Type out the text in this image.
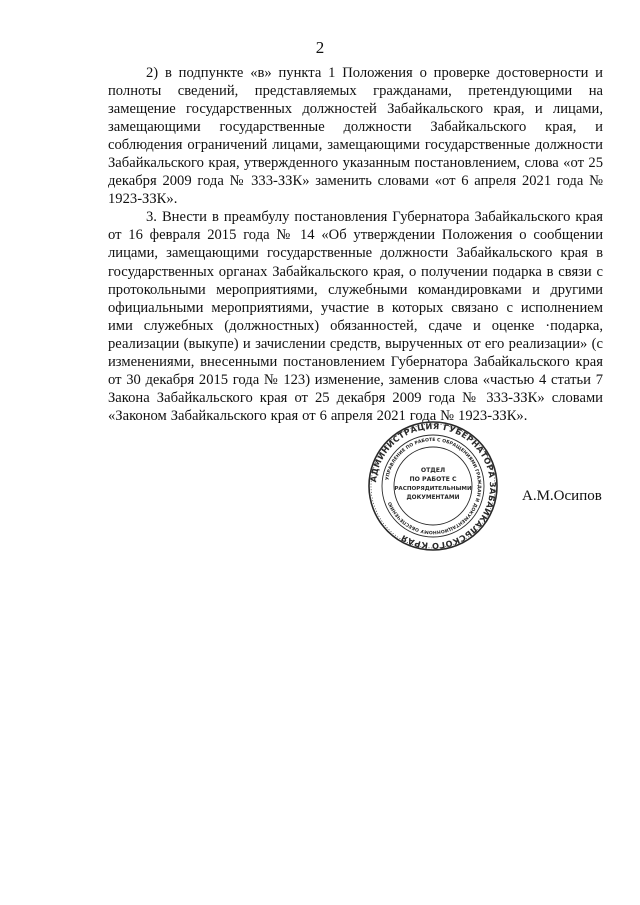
2

2) в подпункте «в» пункта 1 Положения о проверке достоверности и полноты сведений, представляемых гражданами, претендующими на замещение государственных должностей Забайкальского края, и лицами, замещающими государственные должности Забайкальского края, и соблюдения ограничений лицами, замещающими государственные должности Забайкальского края, утвержденного указанным постановлением, слова «от 25 декабря 2009 года № 333-ЗЗК» заменить словами «от 6 апреля 2021 года № 1923-ЗЗК».

3. Внести в преамбулу постановления Губернатора Забайкальского края от 16 февраля 2015 года № 14 «Об утверждении Положения о сообщении лицами, замещающими государственные должности Забайкальского края в государственных органах Забайкальского края, о получении подарка в связи с протокольными мероприятиями, служебными командировками и другими официальными мероприятиями, участие в которых связано с исполнением ими служебных (должностных) обязанностей, сдаче и оценке ·подарка, реализации (выкупе) и зачислении средств, вырученных от его реализации» (с изменениями, внесенными постановлением Губернатора Забайкальского края от 30 декабря 2015 года № 123) изменение, заменив слова «частью 4 статьи 7 Закона Забайкальского края от 25 декабря 2009 года № 333-ЗЗК» словами «Законом Забайкальского края от 6 апреля 2021 года № 1923-ЗЗК».

АДМИНИСТРАЦИЯ ГУБЕРНАТОРА ЗАБАЙКАЛЬСКОГО КРАЯ
УПРАВЛЕНИЕ ПО РАБОТЕ С ОБРАЩЕНИЯМИ ГРАЖДАН И ДОКУМЕНТАЦИОННОМУ ОБЕСПЕЧЕНИЮ
ОТДЕЛ
ПО РАБОТЕ С
РАСПОРЯДИТЕЛЬНЫМИ
ДОКУМЕНТАМИ	А.М.Осипов
